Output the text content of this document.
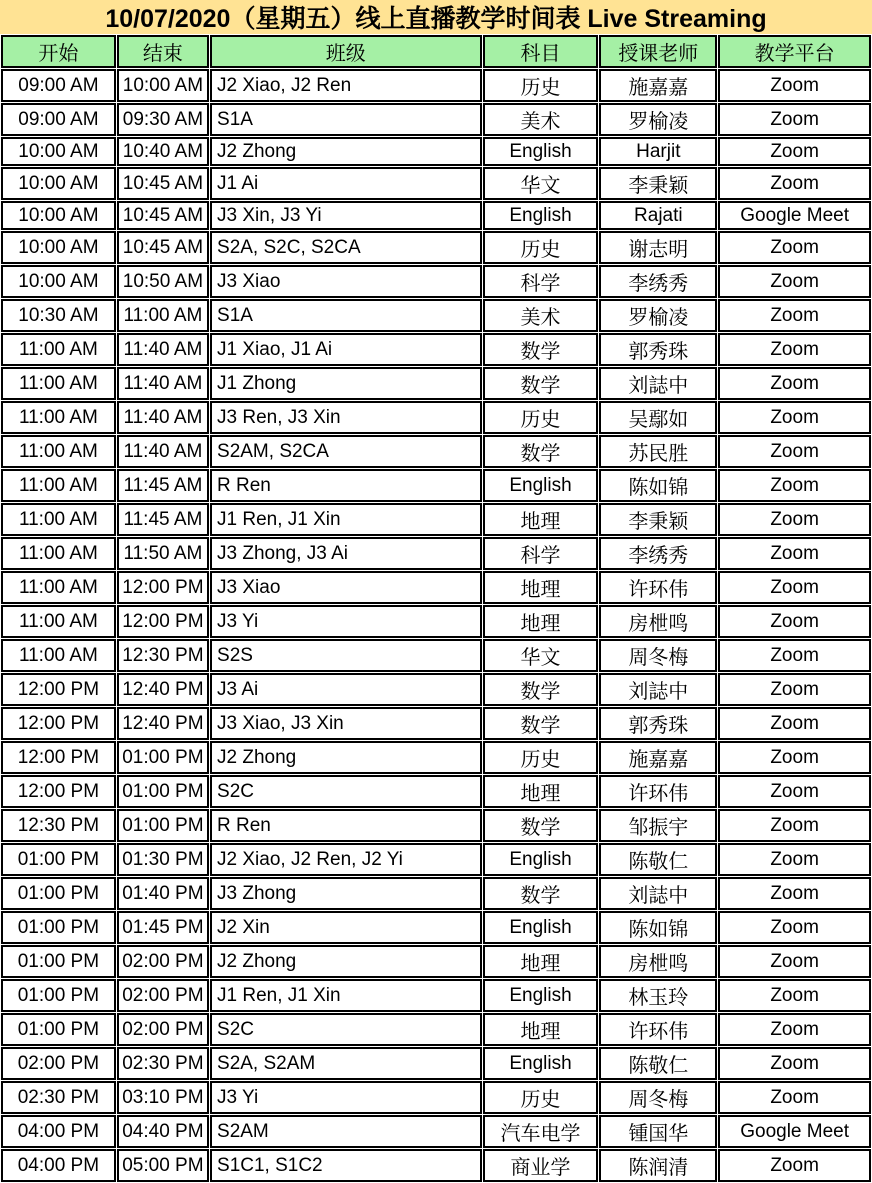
10/07/2020（星期五）线上直播教学时间表 Live Streaming
开始	结束	班级	科目	授课老师	教学平台
09:00 AM	10:00 AM	J2 Xiao, J2 Ren	历史	施嘉嘉	Zoom
09:00 AM	09:30 AM	S1A	美术	罗榆凌	Zoom
10:00 AM	10:40 AM	J2 Zhong	English	Harjit	Zoom
10:00 AM	10:45 AM	J1 Ai	华文	李秉颖	Zoom
10:00 AM	10:45 AM	J3 Xin, J3 Yi	English	Rajati	Google Meet
10:00 AM	10:45 AM	S2A, S2C, S2CA	历史	谢志明	Zoom
10:00 AM	10:50 AM	J3 Xiao	科学	李绣秀	Zoom
10:30 AM	11:00 AM	S1A	美术	罗榆凌	Zoom
11:00 AM	11:40 AM	J1 Xiao, J1 Ai	数学	郭秀珠	Zoom
11:00 AM	11:40 AM	J1 Zhong	数学	刘誌中	Zoom
11:00 AM	11:40 AM	J3 Ren, J3 Xin	历史	吴鄢如	Zoom
11:00 AM	11:40 AM	S2AM, S2CA	数学	苏民胜	Zoom
11:00 AM	11:45 AM	R Ren	English	陈如锦	Zoom
11:00 AM	11:45 AM	J1 Ren, J1 Xin	地理	李秉颖	Zoom
11:00 AM	11:50 AM	J3 Zhong, J3 Ai	科学	李绣秀	Zoom
11:00 AM	12:00 PM	J3 Xiao	地理	许环伟	Zoom
11:00 AM	12:00 PM	J3 Yi	地理	房枻鸣	Zoom
11:00 AM	12:30 PM	S2S	华文	周冬梅	Zoom
12:00 PM	12:40 PM	J3 Ai	数学	刘誌中	Zoom
12:00 PM	12:40 PM	J3 Xiao, J3 Xin	数学	郭秀珠	Zoom
12:00 PM	01:00 PM	J2 Zhong	历史	施嘉嘉	Zoom
12:00 PM	01:00 PM	S2C	地理	许环伟	Zoom
12:30 PM	01:00 PM	R Ren	数学	邹振宇	Zoom
01:00 PM	01:30 PM	J2 Xiao, J2 Ren, J2 Yi	English	陈敬仁	Zoom
01:00 PM	01:40 PM	J3 Zhong	数学	刘誌中	Zoom
01:00 PM	01:45 PM	J2 Xin	English	陈如锦	Zoom
01:00 PM	02:00 PM	J2 Zhong	地理	房枻鸣	Zoom
01:00 PM	02:00 PM	J1 Ren, J1 Xin	English	林玉玲	Zoom
01:00 PM	02:00 PM	S2C	地理	许环伟	Zoom
02:00 PM	02:30 PM	S2A, S2AM	English	陈敬仁	Zoom
02:30 PM	03:10 PM	J3 Yi	历史	周冬梅	Zoom
04:00 PM	04:40 PM	S2AM	汽车电学	锺国华	Google Meet
04:00 PM	05:00 PM	S1C1, S1C2	商业学	陈润清	Zoom
